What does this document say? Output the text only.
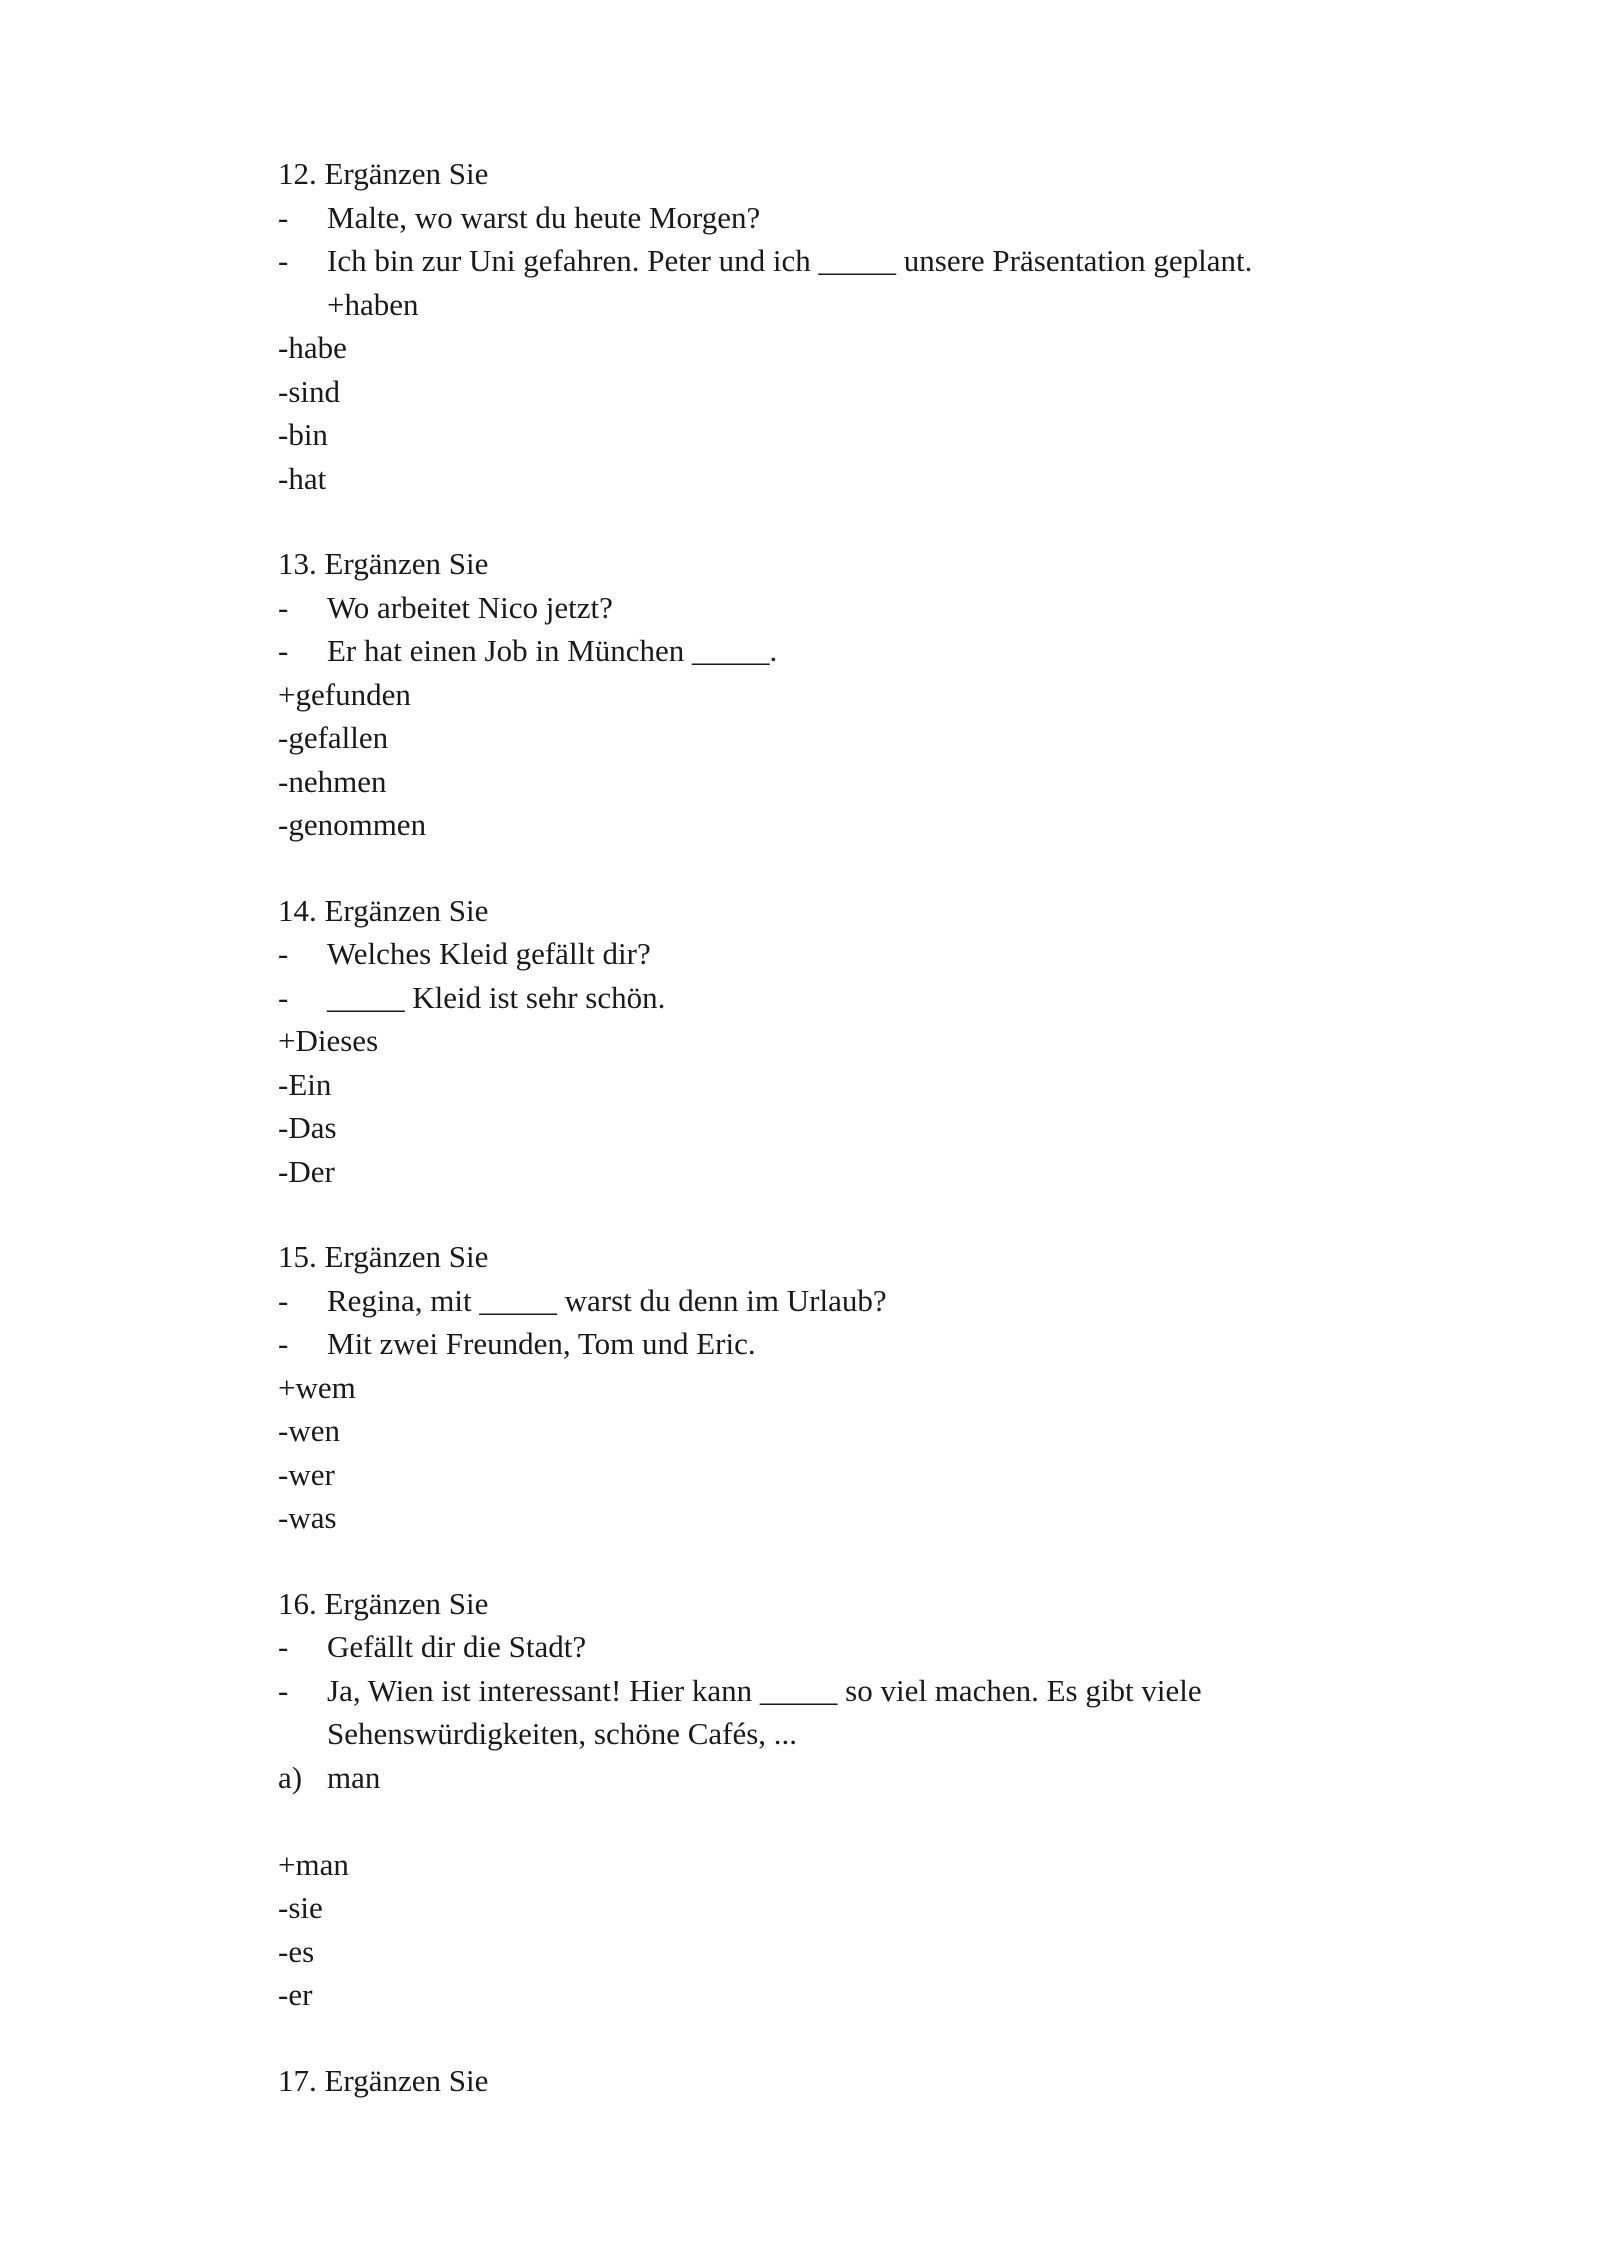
12. Ergänzen Sie
-	Malte, wo warst du heute Morgen?
-	Ich bin zur Uni gefahren. Peter und ich _____ unsere Präsentation geplant.
+haben
-habe
-sind
-bin
-hat
13. Ergänzen Sie
-	Wo arbeitet Nico jetzt?
-	Er hat einen Job in München _____.
+gefunden
-gefallen
-nehmen
-genommen
14. Ergänzen Sie
-	Welches Kleid gefällt dir?
-	_____ Kleid ist sehr schön.
+Dieses
-Ein
-Das
-Der
15. Ergänzen Sie
-	Regina, mit _____ warst du denn im Urlaub?
-	Mit zwei Freunden, Tom und Eric.
+wem
-wen
-wer
-was
16. Ergänzen Sie
-	Gefällt dir die Stadt?
-	Ja, Wien ist interessant! Hier kann _____ so viel machen. Es gibt viele Sehenswürdigkeiten, schöne Cafés, ...
a) man
+man
-sie
-es
-er
17. Ergänzen Sie
